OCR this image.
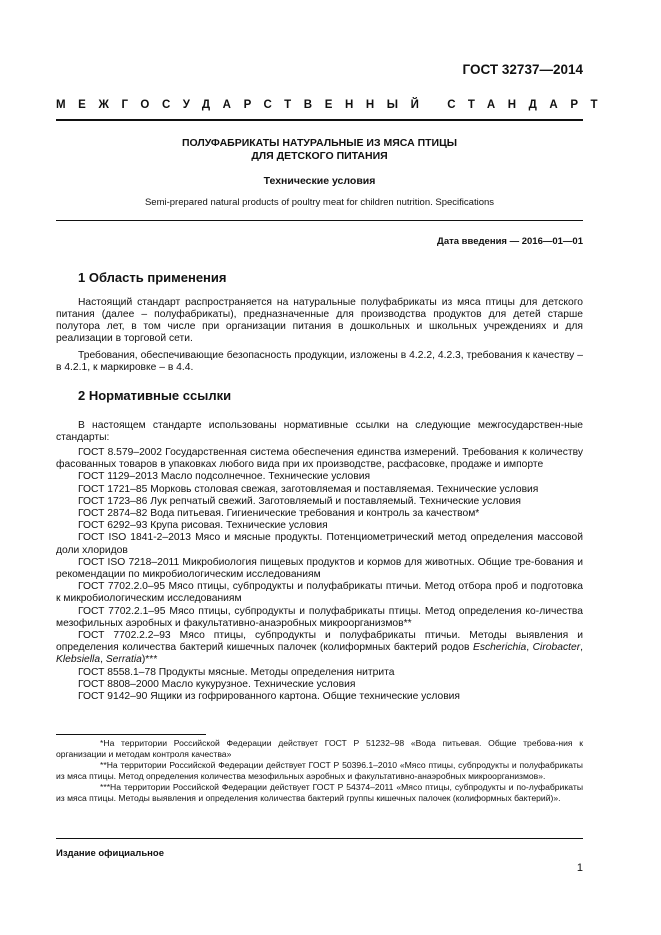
ГОСТ 32737—2014
МЕЖГОСУДАРСТВЕННЫЙ СТАНДАРТ
ПОЛУФАБРИКАТЫ НАТУРАЛЬНЫЕ ИЗ МЯСА ПТИЦЫ
ДЛЯ ДЕТСКОГО ПИТАНИЯ
Технические условия
Semi-prepared natural products of poultry meat for children nutrition. Specifications
Дата введения — 2016—01—01
1 Область применения

Настоящий стандарт распространяется на натуральные полуфабрикаты из мяса птицы для детского питания (далее – полуфабрикаты), предназначенные для производства продуктов для детей старше полутора лет, в том числе при организации питания в дошкольных и школьных учреждениях и для реализации в торговой сети.

Требования, обеспечивающие безопасность продукции, изложены в 4.2.2, 4.2.3, требования к качеству – в 4.2.1, к маркировке – в 4.4.

2 Нормативные ссылки

В настоящем стандарте использованы нормативные ссылки на следующие межгосударствен-ные стандарты:

ГОСТ 8.579–2002 Государственная система обеспечения единства измерений. Требования к количеству фасованных товаров в упаковках любого вида при их производстве, расфасовке, продаже и импорте
ГОСТ 1129–2013 Масло подсолнечное. Технические условия
ГОСТ 1721–85 Морковь столовая свежая, заготовляемая и поставляемая. Технические условия
ГОСТ 1723–86 Лук репчатый свежий. Заготовляемый и поставляемый. Технические условия
ГОСТ 2874–82 Вода питьевая. Гигиенические требования и контроль за качеством*
ГОСТ 6292–93 Крупа рисовая. Технические условия
ГОСТ ISO 1841-2–2013 Мясо и мясные продукты. Потенциометрический метод определения массовой доли хлоридов
ГОСТ ISO 7218–2011 Микробиология пищевых продуктов и кормов для животных. Общие тре-бования и рекомендации по микробиологическим исследованиям
ГОСТ 7702.2.0–95 Мясо птицы, субпродукты и полуфабрикаты птичьи. Метод отбора проб и подготовка к микробиологическим исследованиям
ГОСТ 7702.2.1–95 Мясо птицы, субпродукты и полуфабрикаты птицы. Метод определения ко-личества мезофильных аэробных и факультативно-анаэробных микроорганизмов**
ГОСТ 7702.2.2–93 Мясо птицы, субпродукты и полуфабрикаты птичьи. Методы выявления и определения количества бактерий кишечных палочек (колиформных бактерий родов Escherichia, Cirobacter, Klebsiella, Serratia)***
ГОСТ 8558.1–78 Продукты мясные. Методы определения нитрита
ГОСТ 8808–2000 Масло кукурузное. Технические условия
ГОСТ 9142–90 Ящики из гофрированного картона. Общие технические условия
*На территории Российской Федерации действует ГОСТ Р 51232–98 «Вода питьевая. Общие требова-ния к организации и методам контроля качества»
**На территории Российской Федерации действует ГОСТ Р 50396.1–2010 «Мясо птицы, субпродукты и полуфабрикаты из мяса птицы. Метод определения количества мезофильных аэробных и факультативно-анаэробных микроорганизмов».
***На территории Российской Федерации действует ГОСТ Р 54374–2011 «Мясо птицы, субпродукты и по-луфабрикаты из мяса птицы. Методы выявления и определения количества бактерий группы кишечных палочек (колиформных бактерий)».
Издание официальное
1
